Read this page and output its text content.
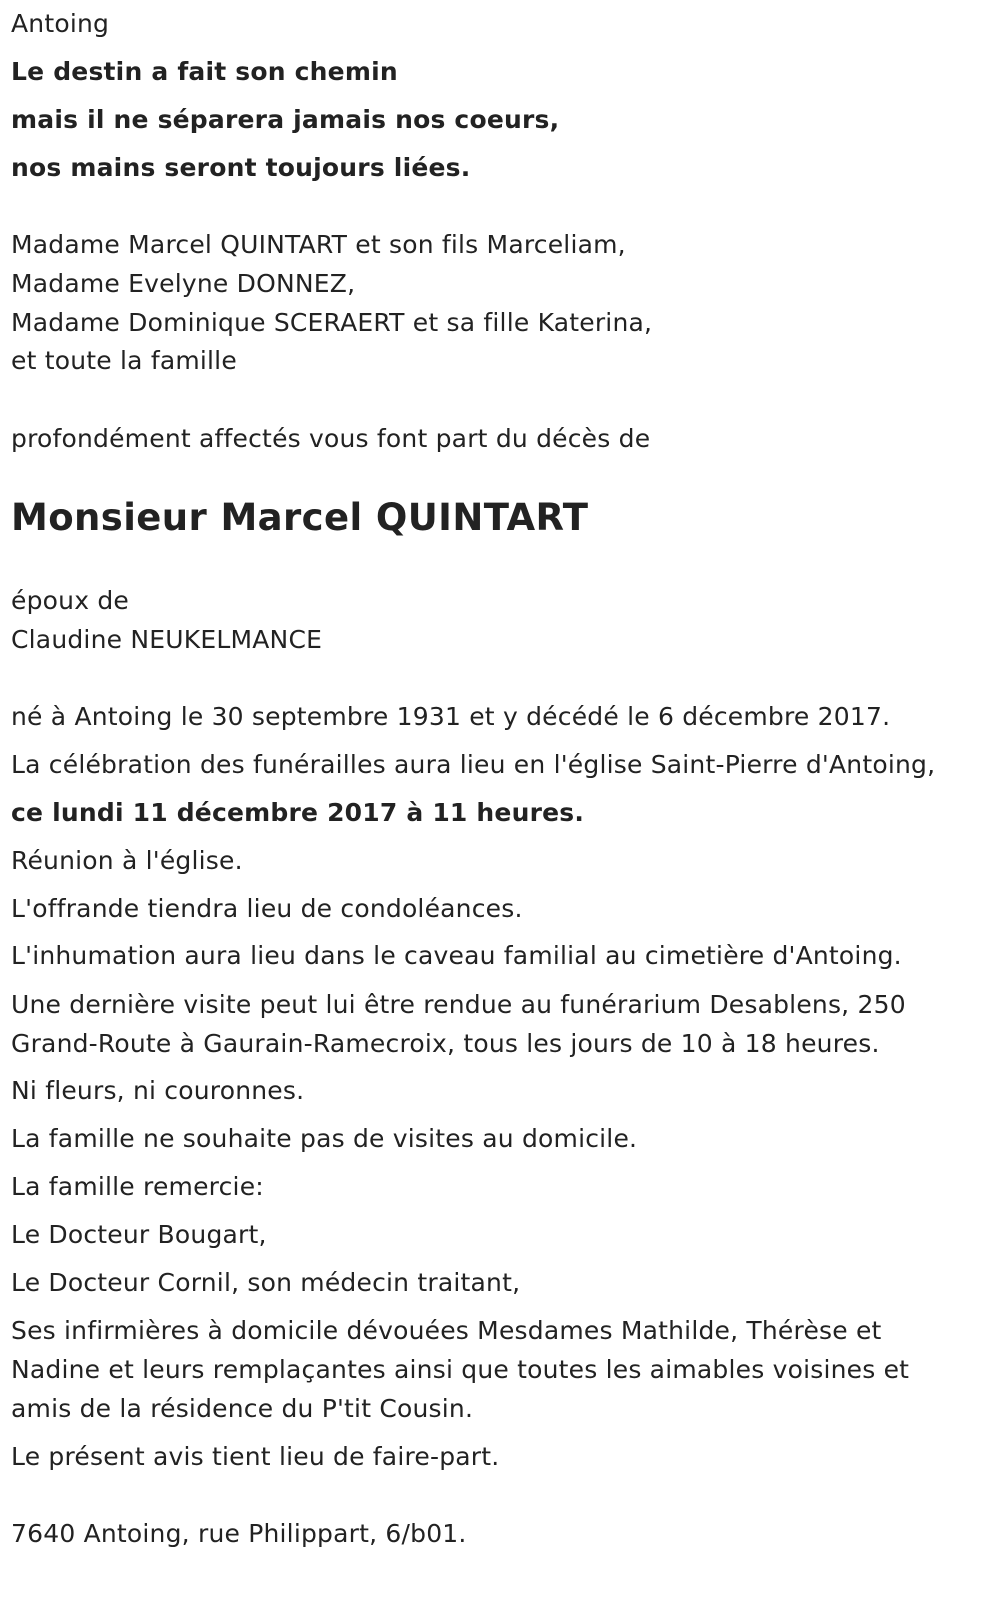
Antoing
Le destin a fait son chemin
mais il ne séparera jamais nos coeurs,
nos mains seront toujours liées.
Madame Marcel QUINTART et son fils Marceliam,
Madame Evelyne DONNEZ,
Madame Dominique SCERAERT et sa fille Katerina,
et toute la famille
profondément affectés vous font part du décès de
Monsieur Marcel QUINTART
époux de
Claudine NEUKELMANCE
né à Antoing le 30 septembre 1931 et y décédé le 6 décembre 2017.
La célébration des funérailles aura lieu en l'église Saint-Pierre d'Antoing,
ce lundi 11 décembre 2017 à 11 heures.
Réunion à l'église.
L'offrande tiendra lieu de condoléances.
L'inhumation aura lieu dans le caveau familial au cimetière d'Antoing.
Une dernière visite peut lui être rendue au funérarium Desablens, 250
Grand-Route à Gaurain-Ramecroix, tous les jours de 10 à 18 heures.
Ni fleurs, ni couronnes.
La famille ne souhaite pas de visites au domicile.
La famille remercie:
Le Docteur Bougart,
Le Docteur Cornil, son médecin traitant,
Ses infirmières à domicile dévouées Mesdames Mathilde, Thérèse et
Nadine et leurs remplaçantes ainsi que toutes les aimables voisines et
amis de la résidence du P'tit Cousin.
Le présent avis tient lieu de faire-part.
7640 Antoing, rue Philippart, 6/b01.
